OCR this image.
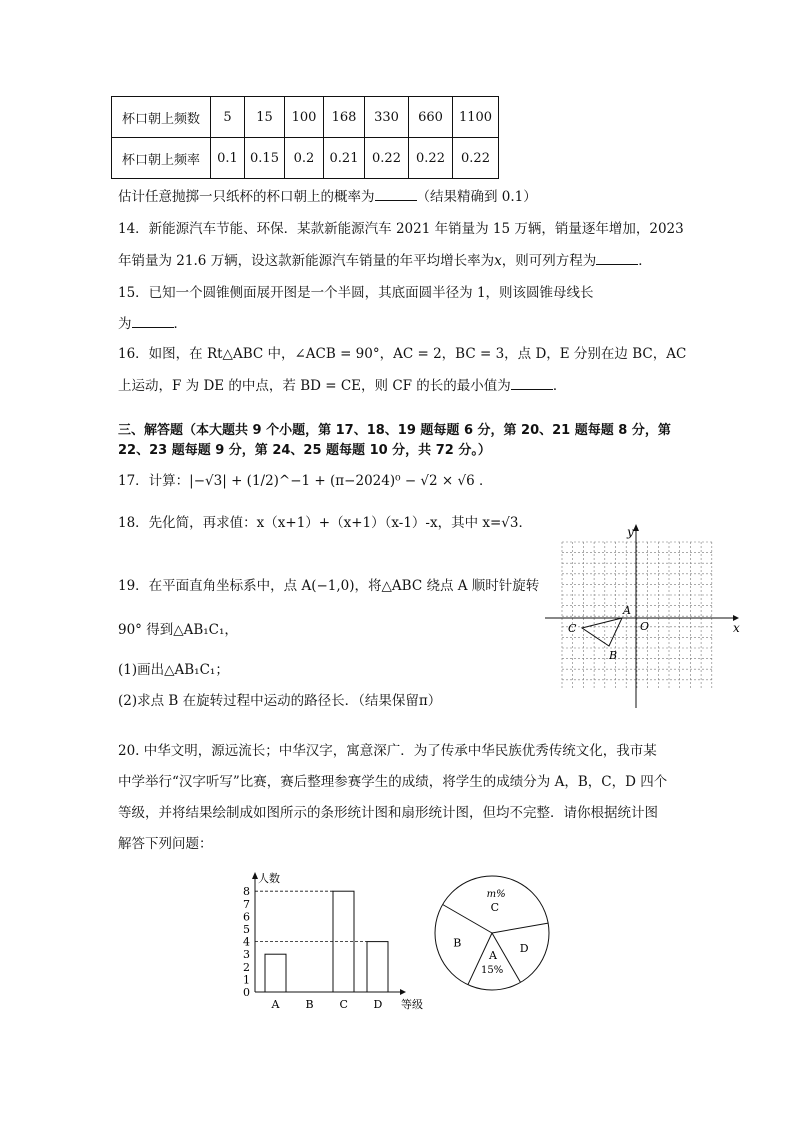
杯口朝上频数	5	15	100	168	330	660	1100
杯口朝上频率	0.1	0.15	0.2	0.21	0.22	0.22	0.22
估计任意抛掷一只纸杯的杯口朝上的概率为	（结果精确到 0.1）
14．新能源汽车节能、环保．某款新能源汽车 2021 年销量为 15 万辆，销量逐年增加，2023
年销量为 21.6 万辆，设这款新能源汽车销量的年平均增长率为x，则可列方程为	．
15．已知一个圆锥侧面展开图是一个半圆，其底面圆半径为 1，则该圆锥母线长
为	．
16．如图，在 Rt△ABC 中，∠ACB = 90°，AC = 2，BC = 3，点 D，E 分别在边 BC，AC
上运动，F 为 DE 的中点，若 BD = CE，则 CF 的长的最小值为	．
三、解答题（本大题共 9 个小题，第 17、18、19 题每题 6 分，第 20、21 题每题 8 分，第
22、23 题每题 9 分，第 24、25 题每题 10 分，共 72 分。）
17．计算：|−√3| + (1/2)^−1 + (π−2024)⁰ − √2 × √6 ．
18．先化简，再求值：x（x+1）+（x+1）（x-1）-x，其中 x=√3．
19．在平面直角坐标系中，点 A(−1,0)，将△ABC 绕点 A 顺时针旋转
90° 得到△AB₁C₁，
(1)画出△AB₁C₁；
(2)求点 B 在旋转过程中运动的路径长．（结果保留π）
x
y
O
A
B
C
20. 中华文明，源远流长；中华汉字，寓意深广．为了传承中华民族优秀传统文化，我市某
中学举行“汉字听写”比赛，赛后整理参赛学生的成绩，将学生的成绩分为 A，B，C，D 四个
等级，并将结果绘制成如图所示的条形统计图和扇形统计图，但均不完整．请你根据统计图
解答下列问题：
人数
等级
0
1
2
3
4
5
6
7
8
A B C D
m%
C
D
A
15%
B
